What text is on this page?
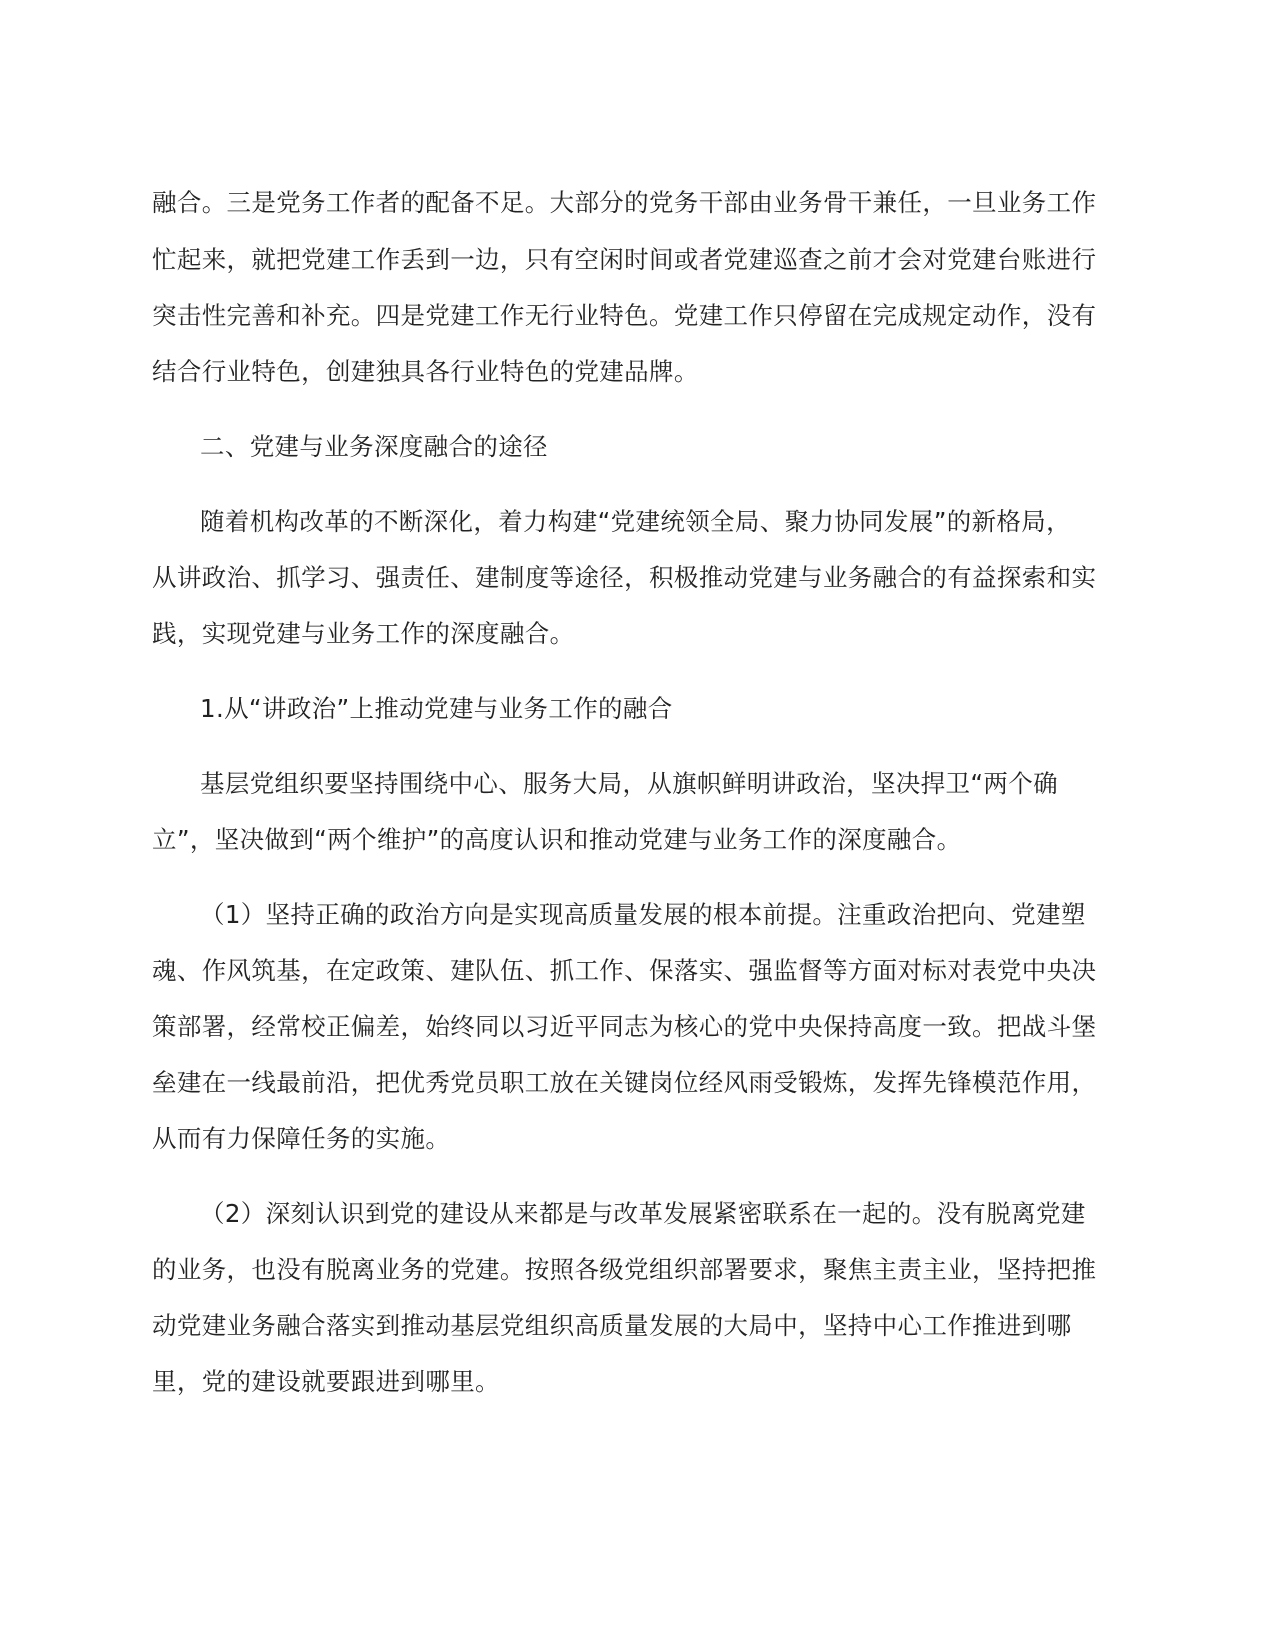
融合。三是党务工作者的配备不足。大部分的党务干部由业务骨干兼任，一旦业务工作

忙起来，就把党建工作丢到一边，只有空闲时间或者党建巡查之前才会对党建台账进行

突击性完善和补充。四是党建工作无行业特色。党建工作只停留在完成规定动作，没有

结合行业特色，创建独具各行业特色的党建品牌。

二、党建与业务深度融合的途径

随着机构改革的不断深化，着力构建“党建统领全局、聚力协同发展”的新格局，

从讲政治、抓学习、强责任、建制度等途径，积极推动党建与业务融合的有益探索和实

践，实现党建与业务工作的深度融合。

1.从“讲政治”上推动党建与业务工作的融合

基层党组织要坚持围绕中心、服务大局，从旗帜鲜明讲政治，坚决捍卫“两个确

立”，坚决做到“两个维护”的高度认识和推动党建与业务工作的深度融合。

（1）坚持正确的政治方向是实现高质量发展的根本前提。注重政治把向、党建塑

魂、作风筑基，在定政策、建队伍、抓工作、保落实、强监督等方面对标对表党中央决

策部署，经常校正偏差，始终同以习近平同志为核心的党中央保持高度一致。把战斗堡

垒建在一线最前沿，把优秀党员职工放在关键岗位经风雨受锻炼，发挥先锋模范作用，

从而有力保障任务的实施。

（2）深刻认识到党的建设从来都是与改革发展紧密联系在一起的。没有脱离党建

的业务，也没有脱离业务的党建。按照各级党组织部署要求，聚焦主责主业，坚持把推

动党建业务融合落实到推动基层党组织高质量发展的大局中，坚持中心工作推进到哪

里，党的建设就要跟进到哪里。
